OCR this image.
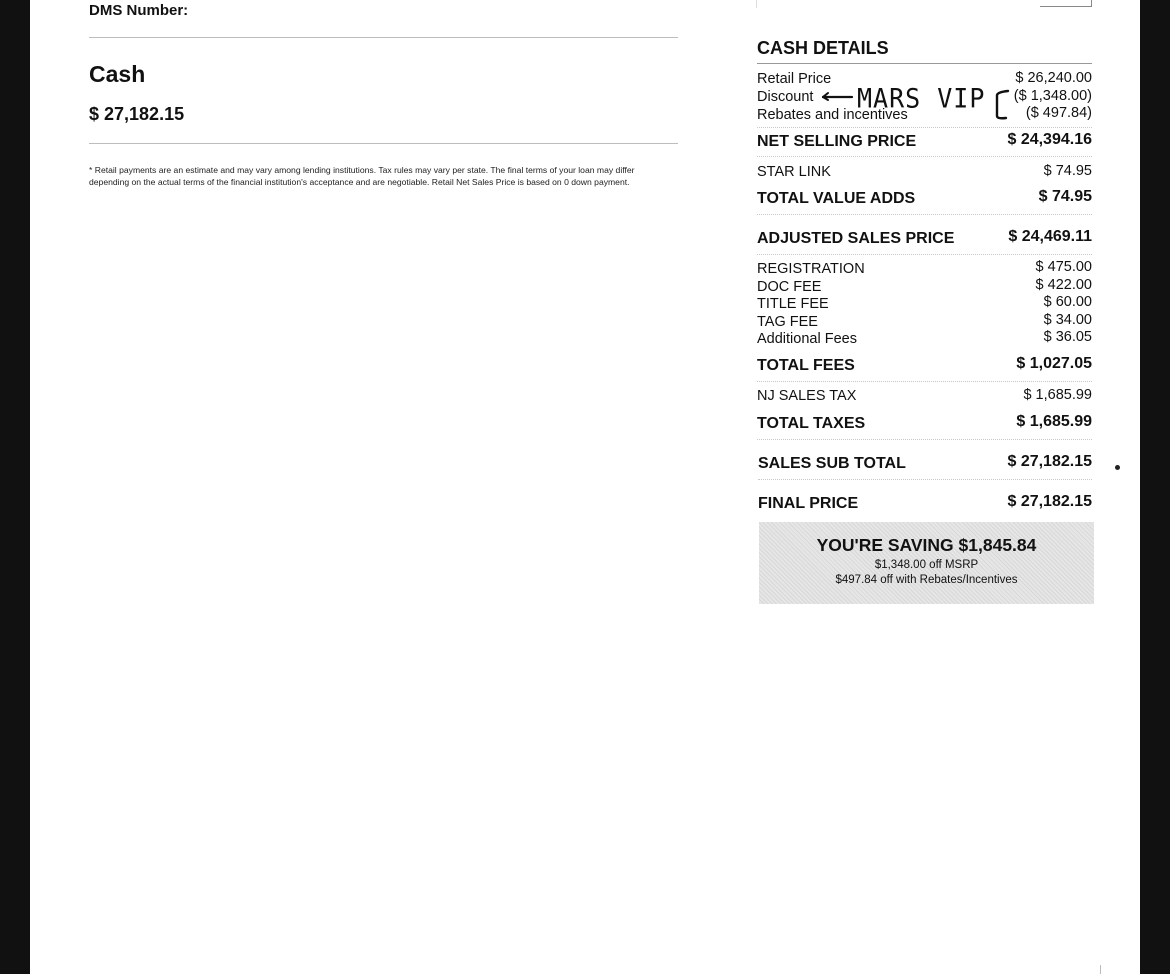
DMS Number:
Cash
$ 27,182.15
* Retail payments are an estimate and may vary among lending institutions. Tax rules may vary per state. The final terms of your loan may differ depending on the actual terms of the financial institution's acceptance and are negotiable. Retail Net Sales Price is based on 0 down payment.
CASH DETAILS
Retail Price	$ 26,240.00
Discount	($ 1,348.00)
Rebates and incentives	($ 497.84)
MARS VIP
NET SELLING PRICE	$ 24,394.16
STAR LINK	$ 74.95
TOTAL VALUE ADDS	$ 74.95
ADJUSTED SALES PRICE	$ 24,469.11
REGISTRATION	$ 475.00
DOC FEE	$ 422.00
TITLE FEE	$ 60.00
TAG FEE	$ 34.00
Additional Fees	$ 36.05
TOTAL FEES	$ 1,027.05
NJ SALES TAX	$ 1,685.99
TOTAL TAXES	$ 1,685.99
SALES SUB TOTAL	$ 27,182.15
FINAL PRICE	$ 27,182.15
YOU'RE SAVING $1,845.84
$1,348.00 off MSRP
$497.84 off with Rebates/Incentives
